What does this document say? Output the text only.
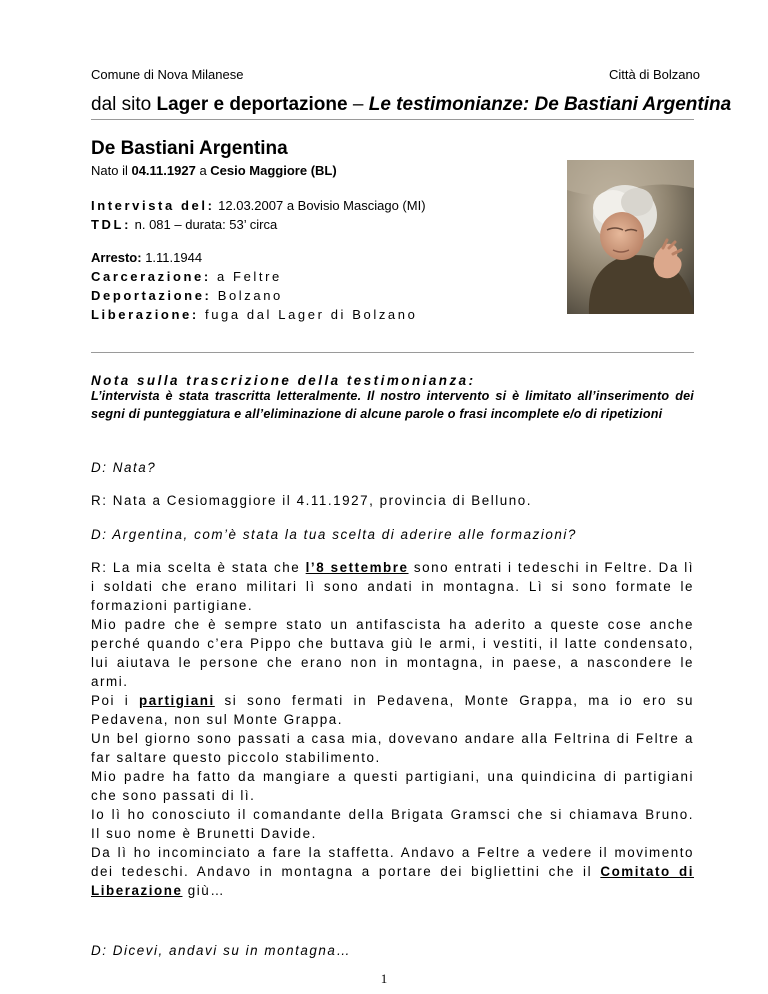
Comune di Nova Milanese	Città di Bolzano
dal sito Lager e deportazione – Le testimonianze: De Bastiani Argentina
De Bastiani Argentina
Nato il 04.11.1927 a Cesio Maggiore (BL)
Intervista del: 12.03.2007 a Bovisio Masciago (MI)
TDL: n. 081 – durata: 53’ circa
Arresto: 1.11.1944
Carcerazione: a Feltre
Deportazione: Bolzano
Liberazione: fuga dal Lager di Bolzano
Nota sulla trascrizione della testimonianza:
L’intervista è stata trascritta letteralmente. Il nostro intervento si è limitato all’inserimento dei segni di punteggiatura e all’eliminazione di alcune parole o frasi incomplete e/o di ripetizioni
D: Nata?
R: Nata a Cesiomaggiore il 4.11.1927, provincia di Belluno.
D: Argentina, com’è stata la tua scelta di aderire alle formazioni?
R: La mia scelta è stata che l’8 settembre sono entrati i tedeschi in Feltre. Da lì i soldati che erano militari lì sono andati in montagna. Lì si sono formate le formazioni partigiane.
Mio padre che è sempre stato un antifascista ha aderito a queste cose anche perché quando c’era Pippo che buttava giù le armi, i vestiti, il latte condensato, lui aiutava le persone che erano non in montagna, in paese, a nascondere le armi.
Poi i partigiani si sono fermati in Pedavena, Monte Grappa, ma io ero su Pedavena, non sul Monte Grappa.
Un bel giorno sono passati a casa mia, dovevano andare alla Feltrina di Feltre a far saltare questo piccolo stabilimento.
Mio padre ha fatto da mangiare a questi partigiani, una quindicina di partigiani che sono passati di lì.
Io lì ho conosciuto il comandante della Brigata Gramsci che si chiamava Bruno. Il suo nome è Brunetti Davide.
Da lì ho incominciato a fare la staffetta. Andavo a Feltre a vedere il movimento dei tedeschi. Andavo in montagna a portare dei bigliettini che il Comitato di Liberazione giù…
D: Dicevi, andavi su in montagna…
1
